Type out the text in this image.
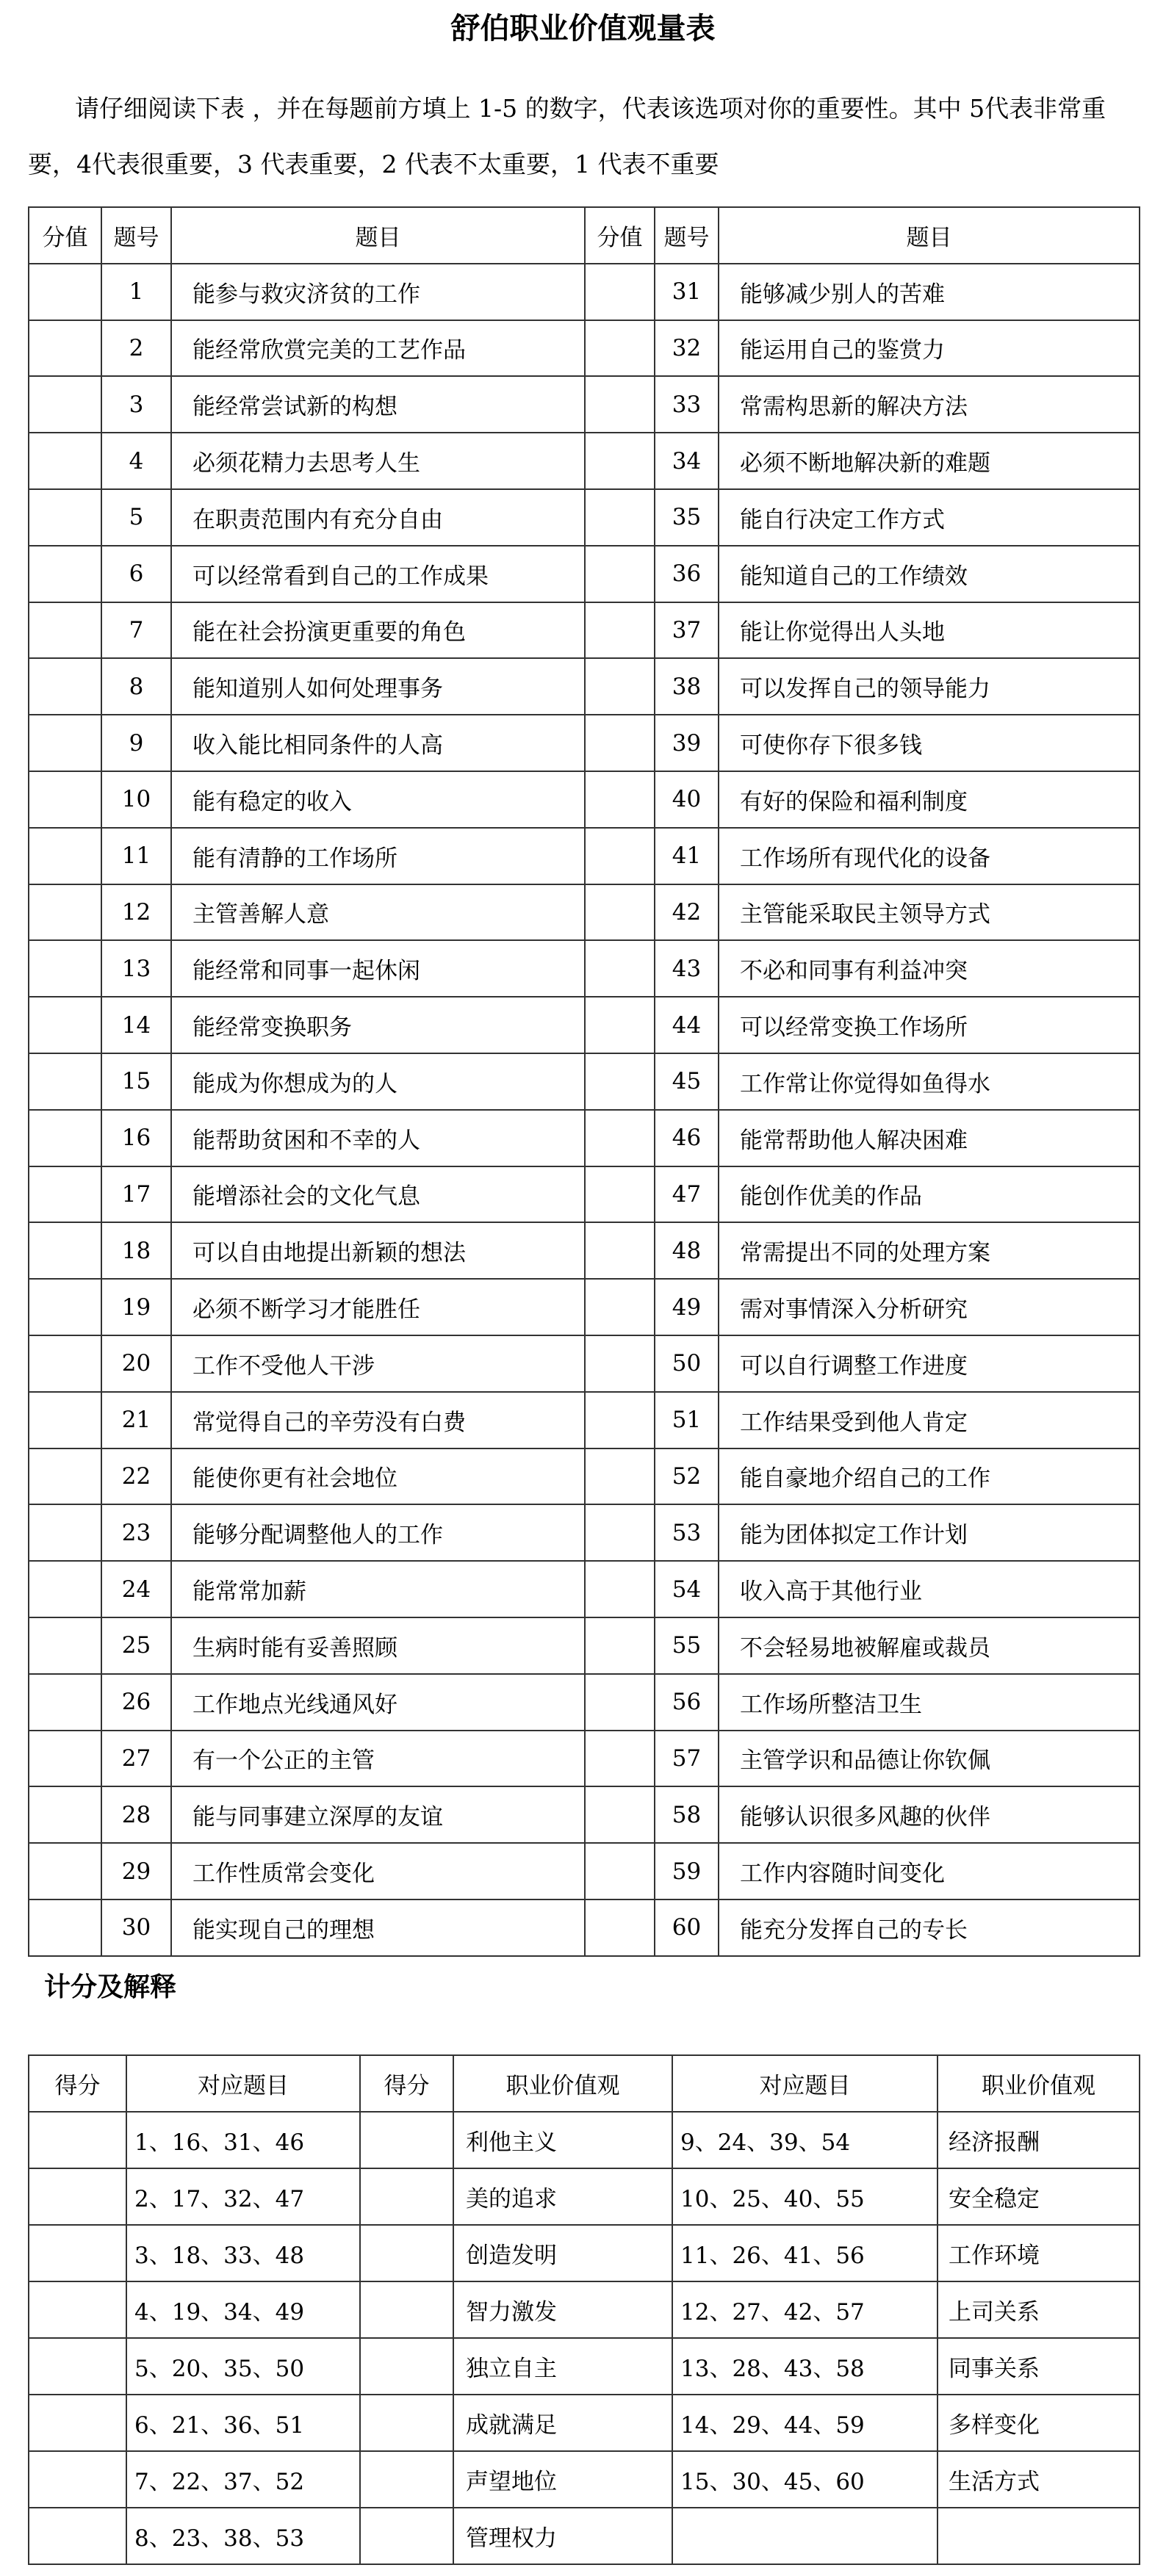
舒伯职业价值观量表
请仔细阅读下表 ，并在每题前方填上 1-5 的数字，代表该选项对你的重要性。其中 5代表非常重要，4代表很重要，3 代表重要，2 代表不太重要，1 代表不重要
分值	题号	题目	分值	题号	题目
	1	能参与救灾济贫的工作		31	能够减少别人的苦难
	2	能经常欣赏完美的工艺作品		32	能运用自己的鉴赏力
	3	能经常尝试新的构想		33	常需构思新的解决方法
	4	必须花精力去思考人生		34	必须不断地解决新的难题
	5	在职责范围内有充分自由		35	能自行决定工作方式
	6	可以经常看到自己的工作成果		36	能知道自己的工作绩效
	7	能在社会扮演更重要的角色		37	能让你觉得出人头地
	8	能知道别人如何处理事务		38	可以发挥自己的领导能力
	9	收入能比相同条件的人高		39	可使你存下很多钱
	10	能有稳定的收入		40	有好的保险和福利制度
	11	能有清静的工作场所		41	工作场所有现代化的设备
	12	主管善解人意		42	主管能采取民主领导方式
	13	能经常和同事一起休闲		43	不必和同事有利益冲突
	14	能经常变换职务		44	可以经常变换工作场所
	15	能成为你想成为的人		45	工作常让你觉得如鱼得水
	16	能帮助贫困和不幸的人		46	能常帮助他人解决困难
	17	能增添社会的文化气息		47	能创作优美的作品
	18	可以自由地提出新颖的想法		48	常需提出不同的处理方案
	19	必须不断学习才能胜任		49	需对事情深入分析研究
	20	工作不受他人干涉		50	可以自行调整工作进度
	21	常觉得自己的辛劳没有白费		51	工作结果受到他人肯定
	22	能使你更有社会地位		52	能自豪地介绍自己的工作
	23	能够分配调整他人的工作		53	能为团体拟定工作计划
	24	能常常加薪		54	收入高于其他行业
	25	生病时能有妥善照顾		55	不会轻易地被解雇或裁员
	26	工作地点光线通风好		56	工作场所整洁卫生
	27	有一个公正的主管		57	主管学识和品德让你钦佩
	28	能与同事建立深厚的友谊		58	能够认识很多风趣的伙伴
	29	工作性质常会变化		59	工作内容随时间变化
	30	能实现自己的理想		60	能充分发挥自己的专长
计分及解释
得分	对应题目	得分	职业价值观	对应题目	职业价值观
	1、16、31、46		利他主义	9、24、39、54	经济报酬
	2、17、32、47		美的追求	10、25、40、55	安全稳定
	3、18、33、48		创造发明	11、26、41、56	工作环境
	4、19、34、49		智力激发	12、27、42、57	上司关系
	5、20、35、50		独立自主	13、28、43、58	同事关系
	6、21、36、51		成就满足	14、29、44、59	多样变化
	7、22、37、52		声望地位	15、30、45、60	生活方式
	8、23、38、53		管理权力		
